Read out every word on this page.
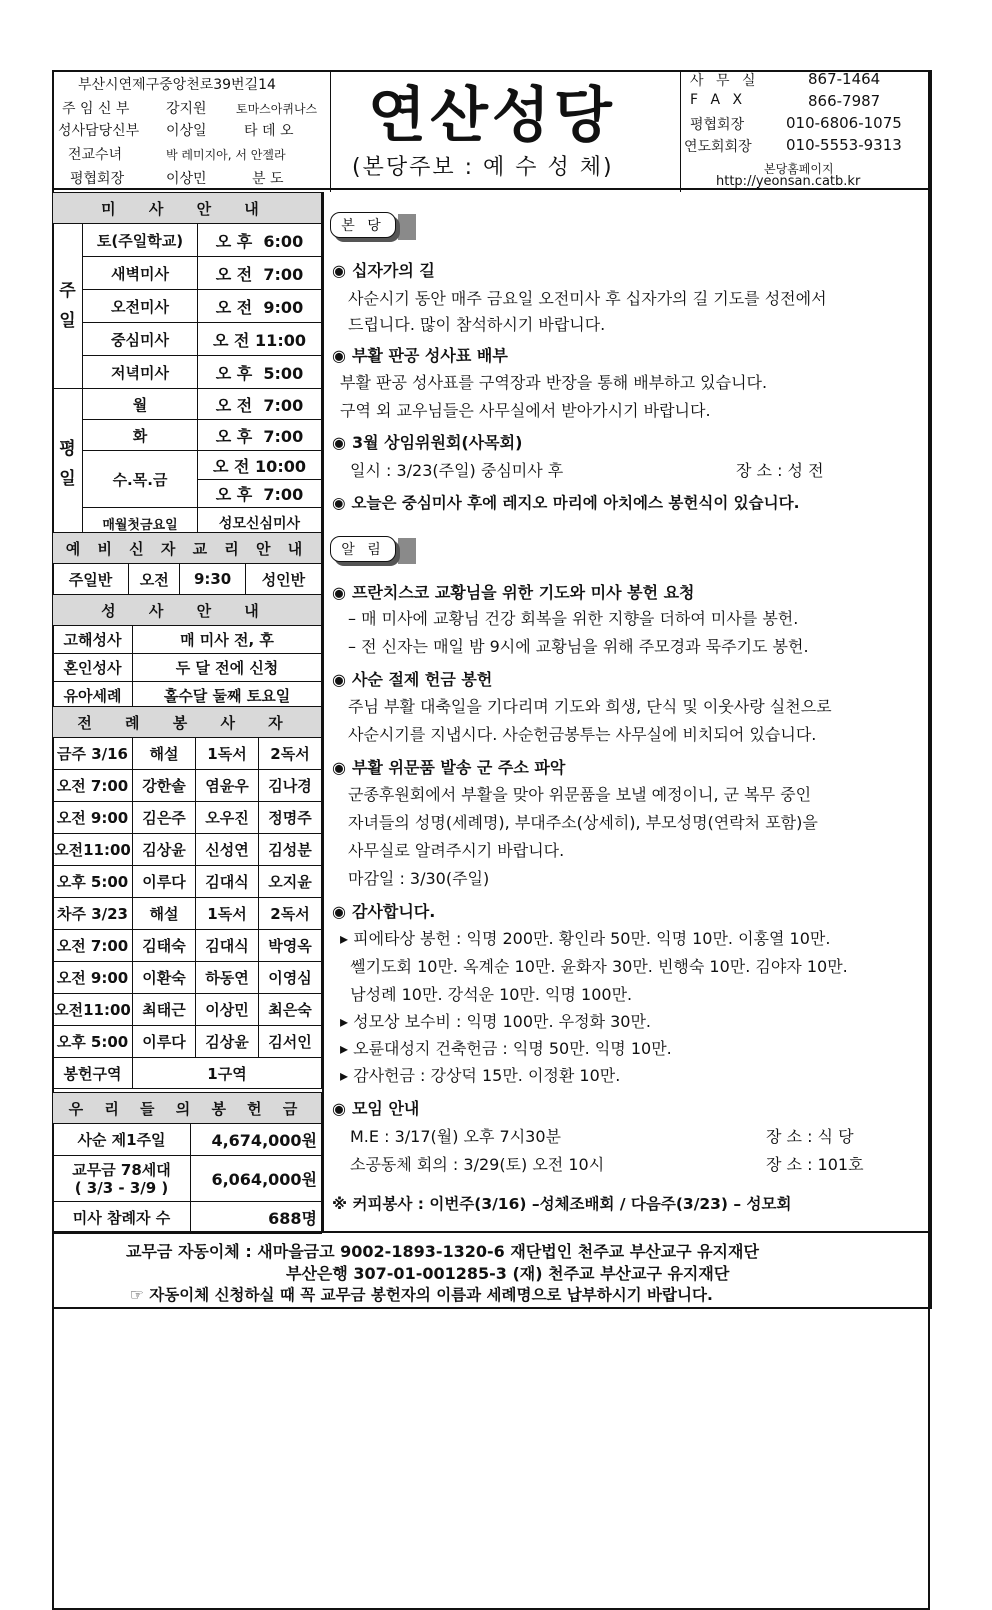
부산시연제구중앙천로39번길14
주 임 신 부	강지원 토마스아퀴나스
성사담당신부 이상일	타 데 오
전교수녀	박 레미지아, 서 안젤라
평협회장	이상민	분 도
연산성당
(본당주보 : 예 수 성 체)
사 무 실	867-1464
F A X	866-7987
평협회장	010-6806-1075
연도회회장 010-5553-9313
본당홈페이지
http://yeonsan.catb.kr
미 사 안 내		
주일	토(주일학교)	오 후  6:00
	새벽미사	오 전  7:00
	오전미사	오 전  9:00
	중심미사	오 전 11:00
	저녁미사	오 후  5:00
평일	월	오 전  7:00
	화	오 후  7:00
	수.목.금	오 전 10:00
		오 후  7:00
	매월첫금요일	성모신심미사
예 비 신 자 교 리 안 내
주일반	오전	9:30	성인반
성 사 안 내	
고해성사	매 미사 전, 후
혼인성사	두 달 전에 신청
유아세례	홀수달 둘째 토요일
전 례 봉 사 자			
금주 3/16	해설	1독서	2독서
오전 7:00	강한솔	염윤우	김나경
오전 9:00	김은주	오우진	정명주
오전11:00	김상윤	신성연	김성분
오후 5:00	이루다	김대식	오지윤
차주 3/23	해설	1독서	2독서
오전 7:00	김태숙	김대식	박영옥
오전 9:00	이환숙	하동연	이영심
오전11:00	최태근	이상민	최은숙
오후 5:00	이루다	김상윤	김서인
봉헌구역	1구역		
우 리 들 의 봉 헌 금	
사순 제1주일	4,674,000원
교무금 78세대
( 3/3 - 3/9 )	6,064,000원
미사 참례자 수	688명
본 당
◉ 십자가의 길
사순시기 동안 매주 금요일 오전미사 후 십자가의 길 기도를 성전에서
드립니다. 많이 참석하시기 바랍니다.
◉ 부활 판공 성사표 배부
부활 판공 성사표를 구역장과 반장을 통해 배부하고 있습니다.
구역 외 교우님들은 사무실에서 받아가시기 바랍니다.
◉ 3월 상임위원회(사목회)
일시 : 3/23(주일) 중심미사 후	장 소 : 성 전
◉ 오늘은 중심미사 후에 레지오 마리에 아치에스 봉헌식이 있습니다.
알 림
◉ 프란치스코 교황님을 위한 기도와 미사 봉헌 요청
– 매 미사에 교황님 건강 회복을 위한 지향을 더하여 미사를 봉헌.
– 전 신자는 매일 밤 9시에 교황님을 위해 주모경과 묵주기도 봉헌.
◉ 사순 절제 헌금 봉헌
주님 부활 대축일을 기다리며 기도와 희생, 단식 및 이웃사랑 실천으로
사순시기를 지냅시다. 사순헌금봉투는 사무실에 비치되어 있습니다.
◉ 부활 위문품 발송 군 주소 파악
군종후원회에서 부활을 맞아 위문품을 보낼 예정이니, 군 복무 중인
자녀들의 성명(세례명), 부대주소(상세히), 부모성명(연락처 포함)을
사무실로 알려주시기 바랍니다.
마감일 : 3/30(주일)
◉ 감사합니다.
▸ 피에타상 봉헌 : 익명 200만. 황인라 50만. 익명 10만. 이홍열 10만.
쎌기도회 10만. 옥계순 10만. 윤화자 30만. 빈행숙 10만. 김야자 10만.
남성례 10만. 강석운 10만. 익명 100만.
▸ 성모상 보수비 : 익명 100만. 우정화 30만.
▸ 오륜대성지 건축헌금 : 익명 50만. 익명 10만.
▸ 감사헌금 : 강상덕 15만. 이정환 10만.
◉ 모임 안내
M.E : 3/17(월) 오후 7시30분	장 소 : 식 당
소공동체 회의 : 3/29(토) 오전 10시	장 소 : 101호
※ 커피봉사 : 이번주(3/16) –성체조배회 / 다음주(3/23) – 성모회
교무금 자동이체 : 새마을금고 9002-1893-1320-6 재단법인 천주교 부산교구 유지재단
부산은행 307-01-001285-3 (재) 천주교 부산교구 유지재단
☞ 자동이체 신청하실 때 꼭 교무금 봉헌자의 이름과 세례명으로 납부하시기 바랍니다.
